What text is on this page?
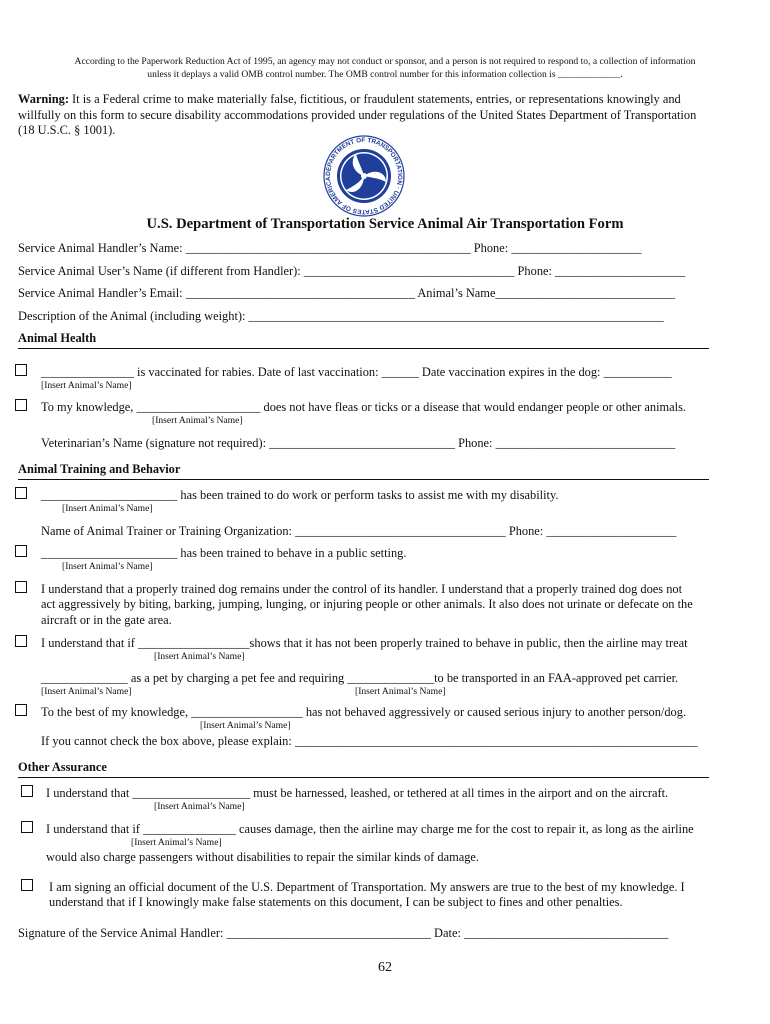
According to the Paperwork Reduction Act of 1995, an agency may not conduct or sponsor, and a person is not required to respond to, a collection of information
unless it deplays a valid OMB control number. The OMB control number for this information collection is _____________.
Warning: It is a Federal crime to make materially false, fictitious, or fraudulent statements, entries, or representations knowingly and
willfully on this form to secure disability accommodations provided under regulations of the United States Department of Transportation
(18 U.S.C. § 1001).
DEPARTMENT OF TRANSPORTATION · UNITED STATES OF AMERICA
U.S. Department of Transportation Service Animal Air Transportation Form
Service Animal Handler’s Name: ______________________________________________ Phone: _____________________
Service Animal User’s Name (if different from Handler): __________________________________ Phone: _____________________
Service Animal Handler’s Email: _____________________________________ Animal’s Name_____________________________
Description of the Animal (including weight): ___________________________________________________________________
Animal Health
_______________ is vaccinated for rabies. Date of last vaccination: ______ Date vaccination expires in the dog: ___________
[Insert Animal’s Name]
To my knowledge, ____________________ does not have fleas or ticks or a disease that would endanger people or other animals.
[Insert Animal’s Name]
Veterinarian’s Name (signature not required): ______________________________ Phone: _____________________________
Animal Training and Behavior
______________________ has been trained to do work or perform tasks to assist me with my disability.
[Insert Animal’s Name]
Name of Animal Trainer or Training Organization: __________________________________ Phone: _____________________
______________________ has been trained to behave in a public setting.
[Insert Animal’s Name]
I understand that a properly trained dog remains under the control of its handler. I understand that a properly trained dog does not
act aggressively by biting, barking, jumping, lunging, or injuring people or other animals. It also does not urinate or defecate on the
aircraft or in the gate area.
I understand that if __________________shows that it has not been properly trained to behave in public, then the airline may treat
[Insert Animal’s Name]
______________ as a pet by charging a pet fee and requiring ______________to be transported in an FAA-approved pet carrier.
[Insert Animal’s Name]	[Insert Animal’s Name]
To the best of my knowledge, __________________ has not behaved aggressively or caused serious injury to another person/dog.
[Insert Animal’s Name]
If you cannot check the box above, please explain: _________________________________________________________________
Other Assurance
I understand that ___________________ must be harnessed, leashed, or tethered at all times in the airport and on the aircraft.
[Insert Animal’s Name]
I understand that if _______________ causes damage, then the airline may charge me for the cost to repair it, as long as the airline
[Insert Animal’s Name]
would also charge passengers without disabilities to repair the similar kinds of damage.
I am signing an official document of the U.S. Department of Transportation. My answers are true to the best of my knowledge. I
understand that if I knowingly make false statements on this document, I can be subject to fines and other penalties.
Signature of the Service Animal Handler: _________________________________ Date: _________________________________
62
